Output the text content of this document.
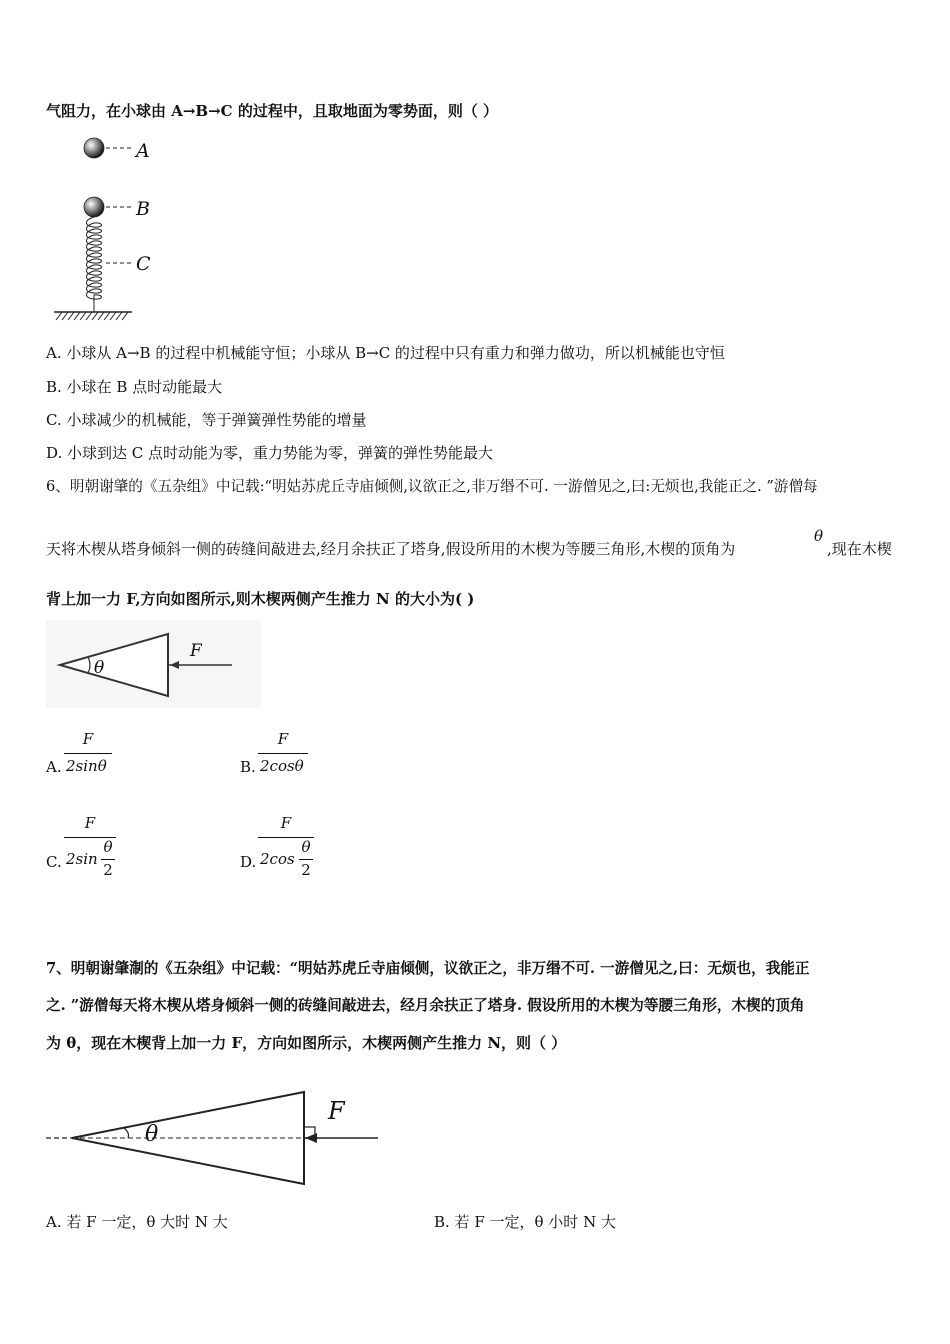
气阻力，在小球由 A→B→C 的过程中，且取地面为零势面，则（ ）
A
B
C
A. 小球从 A→B 的过程中机械能守恒；小球从 B→C 的过程中只有重力和弹力做功，所以机械能也守恒
B. 小球在 B 点时动能最大
C. 小球减少的机械能，等于弹簧弹性势能的增量
D. 小球到达 C 点时动能为零，重力势能为零，弹簧的弹性势能最大
6、明朝谢肇的《五杂组》中记载:“明姑苏虎丘寺庙倾侧,议欲正之,非万缗不可. 一游僧见之,曰:无烦也,我能正之. ”游僧每
天将木楔从塔身倾斜一侧的砖缝间敲进去,经月余扶正了塔身,假设所用的木楔为等腰三角形,木楔的顶角为
θ
,现在木楔
背上加一力 F,方向如图所示,则木楔两侧产生推力 N 的大小为( )
θ
F
A.
F
2sinθ	B.
F
2cosθ
C.
F
2sin
θ
2	D.
F
2cos
θ
2
7、明朝谢肇淛的《五杂组》中记载：“明姑苏虎丘寺庙倾侧，议欲正之，非万缗不可. 一游僧见之,曰：无烦也，我能正
之. ”游僧每天将木楔从塔身倾斜一侧的砖缝间敲进去，经月余扶正了塔身. 假设所用的木楔为等腰三角形，木楔的顶角
为 θ，现在木楔背上加一力 F，方向如图所示，木楔两侧产生推力 N，则（ ）
θ
F
A. 若 F 一定，θ 大时 N 大	B. 若 F 一定，θ 小时 N 大
